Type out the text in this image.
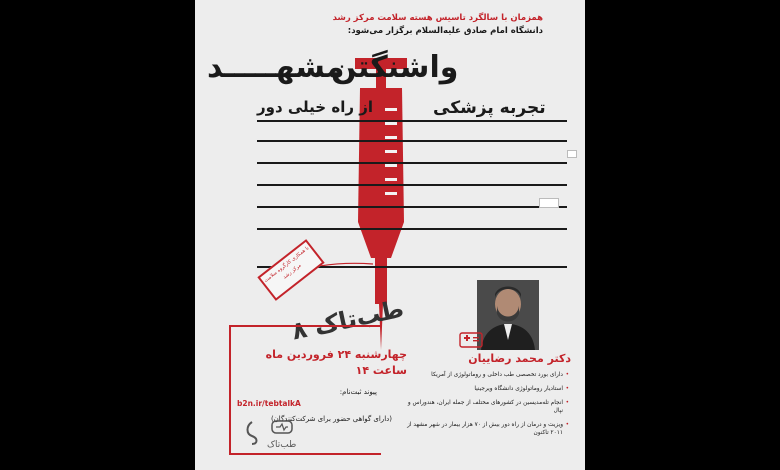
همزمان با سالگرد تاسیس هسته سلامت مرکز رشد
دانشگاه امام صادق علیه‌السلام برگزار می‌شود:
واشنگتن
مشهـــــد
تجربه پزشکی
از راه خیلی دور
با همکاری کارگروه سلامت مرکز رشد
طب‌تاک ۸
چهارشنبه ۲۴ فروردین ماه
ساعت ۱۴
پیوند ثبت‌نام:
b2n.ir/tebtalkA
(دارای گواهی حضور برای شرکت‌کنندگان)
طب‌تاک
دکتر محمد رضاییان
• دارای بورد تخصصی طب داخلی و روماتولوژی از آمریکا
• استادیار روماتولوژی دانشگاه ویرجینیا
• انجام تله‌مدیسین در کشورهای مختلف از جمله ایران، هندوراس و نپال
• ویزیت و درمان از راه دور بیش از ۷۰ هزار بیمار در شهر مشهد از ۲۰۱۱ تاکنون
